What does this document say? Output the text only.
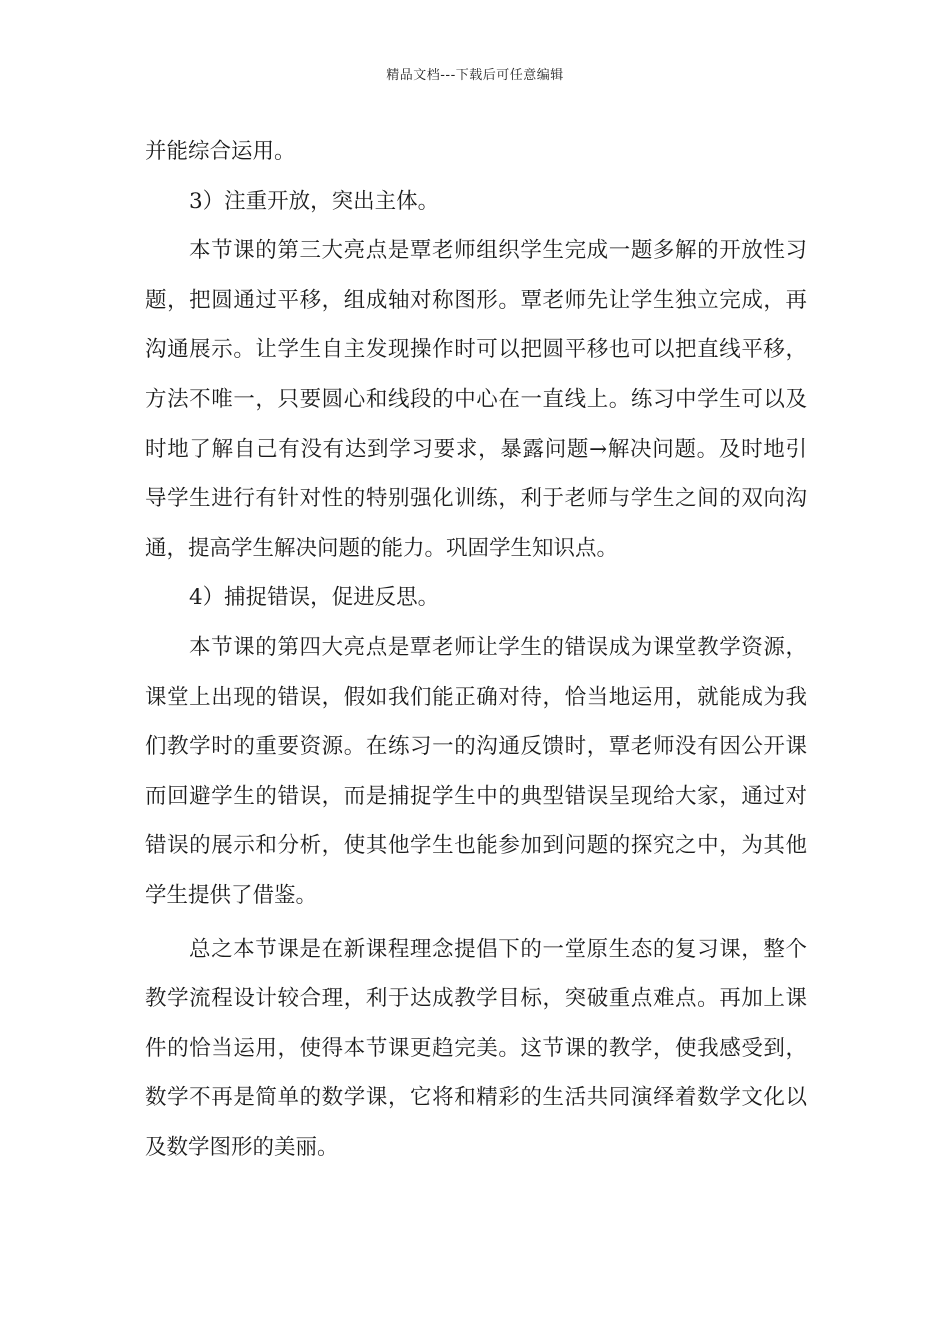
精品文档---下载后可任意编辑

并能综合运用。

3）注重开放，突出主体。

本节课的第三大亮点是覃老师组织学生完成一题多解的开放性习题，把圆通过平移，组成轴对称图形。覃老师先让学生独立完成，再沟通展示。让学生自主发现操作时可以把圆平移也可以把直线平移，方法不唯一，只要圆心和线段的中心在一直线上。练习中学生可以及时地了解自己有没有达到学习要求，暴露问题→解决问题。及时地引导学生进行有针对性的特别强化训练，利于老师与学生之间的双向沟通，提高学生解决问题的能力。巩固学生知识点。

4）捕捉错误，促进反思。

本节课的第四大亮点是覃老师让学生的错误成为课堂教学资源，课堂上出现的错误，假如我们能正确对待，恰当地运用，就能成为我们教学时的重要资源。在练习一的沟通反馈时，覃老师没有因公开课而回避学生的错误，而是捕捉学生中的典型错误呈现给大家，通过对错误的展示和分析，使其他学生也能参加到问题的探究之中，为其他学生提供了借鉴。

总之本节课是在新课程理念提倡下的一堂原生态的复习课，整个教学流程设计较合理，利于达成教学目标，突破重点难点。再加上课件的恰当运用，使得本节课更趋完美。这节课的教学，使我感受到，数学不再是简单的数学课，它将和精彩的生活共同演绎着数学文化以及数学图形的美丽。
